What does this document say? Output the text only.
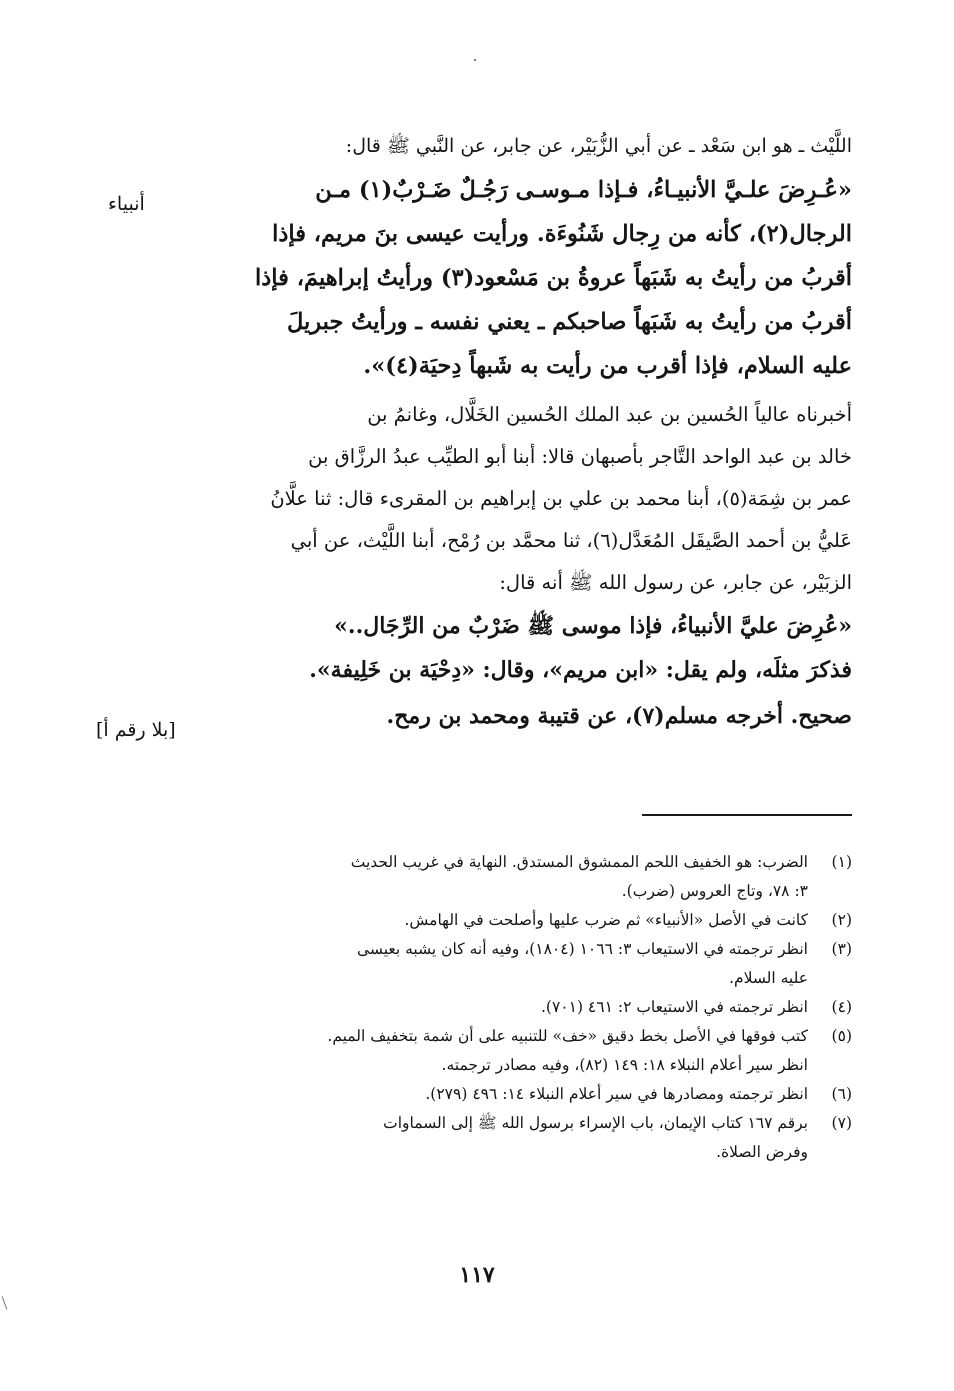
اللَّيْث ـ هو ابن سَعْد ـ عن أبي الزُّبَيْر، عن جابر، عن النَّبي ﷺ قال:

«عُـرِضَ علـيَّ الأنبيـاءُ، فـإذا مـوسـى رَجُـلٌ ضَـرْبٌ(١) مـن

الرجال(٢)، كأنه من رِجال شَنُوءَة. ورأيت عيسى بنَ مريم، فإذا

أقربُ من رأيتُ به شَبَهاً عروةُ بن مَسْعود(٣) ورأيتُ إبراهيمَ، فإذا

أقربُ من رأيتُ به شَبَهاً صاحبكم ـ يعني نفسه ـ ورأيتُ جبريلَ

عليه السلام، فإذا أقرب من رأيت به شَبهاً دِحيَة(٤)».

أخبرناه عالياً الحُسين بن عبد الملك الحُسين الخَلَّال، وغانمُ بن

خالد بن عبد الواحد التَّاجر بأصبهان قالا: أبنا أبو الطيِّب عبدُ الرزَّاق بن

عمر بن شِمَة(٥)، أبنا محمد بن علي بن إبراهيم بن المقرىء قال: ثنا علَّانُ

عَليُّ بن أحمد الصَّيقَل المُعَدَّل(٦)، ثنا محمَّد بن رُمْح، أبنا اللَّيْث، عن أبي

الزبَيْر، عن جابر، عن رسول الله ﷺ أنه قال:

«عُرِضَ عليَّ الأنبياءُ، فإذا موسى ﷺ ضَرْبٌ من الرِّجَال..»

فذكرَ مثلَه، ولم يقل: «ابن مريم»، وقال: «دِحْيَة بن خَلِيفة».

صحيح. أخرجه مسلم(٧)، عن قتيبة ومحمد بن رمح.

أنبياء
[بلا رقم أ]
(١)
الضرب: هو الخفيف اللحم الممشوق المستدق. النهاية في غريب الحديث
٣: ٧٨، وتاج العروس (ضرب).
(٢)
كانت في الأصل «الأنبياء» ثم ضرب عليها وأصلحت في الهامش.
(٣)
انظر ترجمته في الاستيعاب ٣: ١٠٦٦ (١٨٠٤)، وفيه أنه كان يشبه بعيسى
عليه السلام.
(٤)
انظر ترجمته في الاستيعاب ٢: ٤٦١ (٧٠١).
(٥)
كتب فوقها في الأصل بخط دقيق «خف» للتنبيه على أن شمة بتخفيف الميم.
انظر سير أعلام النبلاء ١٨: ١٤٩ (٨٢)، وفيه مصادر ترجمته.
(٦)
انظر ترجمته ومصادرها في سير أعلام النبلاء ١٤: ٤٩٦ (٢٧٩).
(٧)
برقم ١٦٧ كتاب الإيمان، باب الإسراء برسول الله ﷺ إلى السماوات
وفرض الصلاة.
١١٧
